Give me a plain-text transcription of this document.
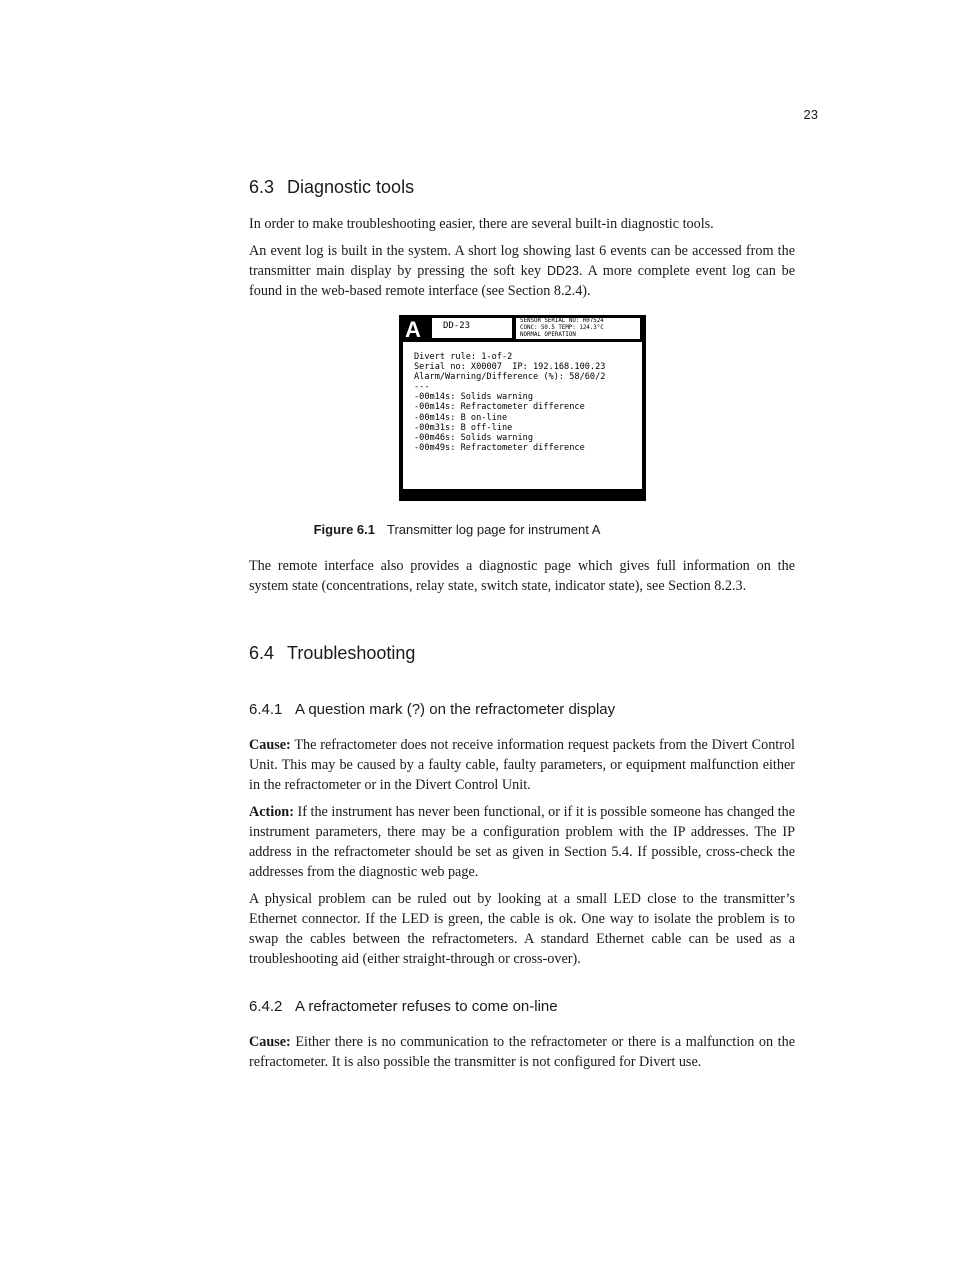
23
6.3 Diagnostic tools

In order to make troubleshooting easier, there are several built-in diagnostic tools.

An event log is built in the system. A short log showing last 6 events can be accessed from the transmitter main display by pressing the soft key DD23. A more complete event log can be found in the web-based remote interface (see Section 8.2.4).

A DD-23	SENSOR SERIAL NO: R07524
CONC: 50.5 TEMP: 124.3°C
NORMAL OPERATION
Divert rule: 1-of-2
Serial no: X00007  IP: 192.168.100.23
Alarm/Warning/Difference (%): 58/60/2
---
-00m14s: Solids warning
-00m14s: Refractometer difference
-00m14s: B on-line
-00m31s: B off-line
-00m46s: Solids warning
-00m49s: Refractometer difference
Figure 6.1 Transmitter log page for instrument A

The remote interface also provides a diagnostic page which gives full information on the system state (concentrations, relay state, switch state, indicator state), see Section 8.2.3.

6.4 Troubleshooting
6.4.1 A question mark (?) on the refractometer display

Cause: The refractometer does not receive information request packets from the Divert Control Unit. This may be caused by a faulty cable, faulty parameters, or equipment malfunction either in the refractometer or in the Divert Control Unit.

Action: If the instrument has never been functional, or if it is possible someone has changed the instrument parameters, there may be a configuration problem with the IP addresses. The IP address in the refractometer should be set as given in Section 5.4. If possible, cross-check the addresses from the diagnostic web page.

A physical problem can be ruled out by looking at a small LED close to the transmitter’s Ethernet connector. If the LED is green, the cable is ok. One way to isolate the problem is to swap the cables between the refractometers. A standard Ethernet cable can be used as a troubleshooting aid (either straight-through or cross-over).

6.4.2 A refractometer refuses to come on-line

Cause: Either there is no communication to the refractometer or there is a malfunction on the refractometer. It is also possible the transmitter is not configured for Divert use.
